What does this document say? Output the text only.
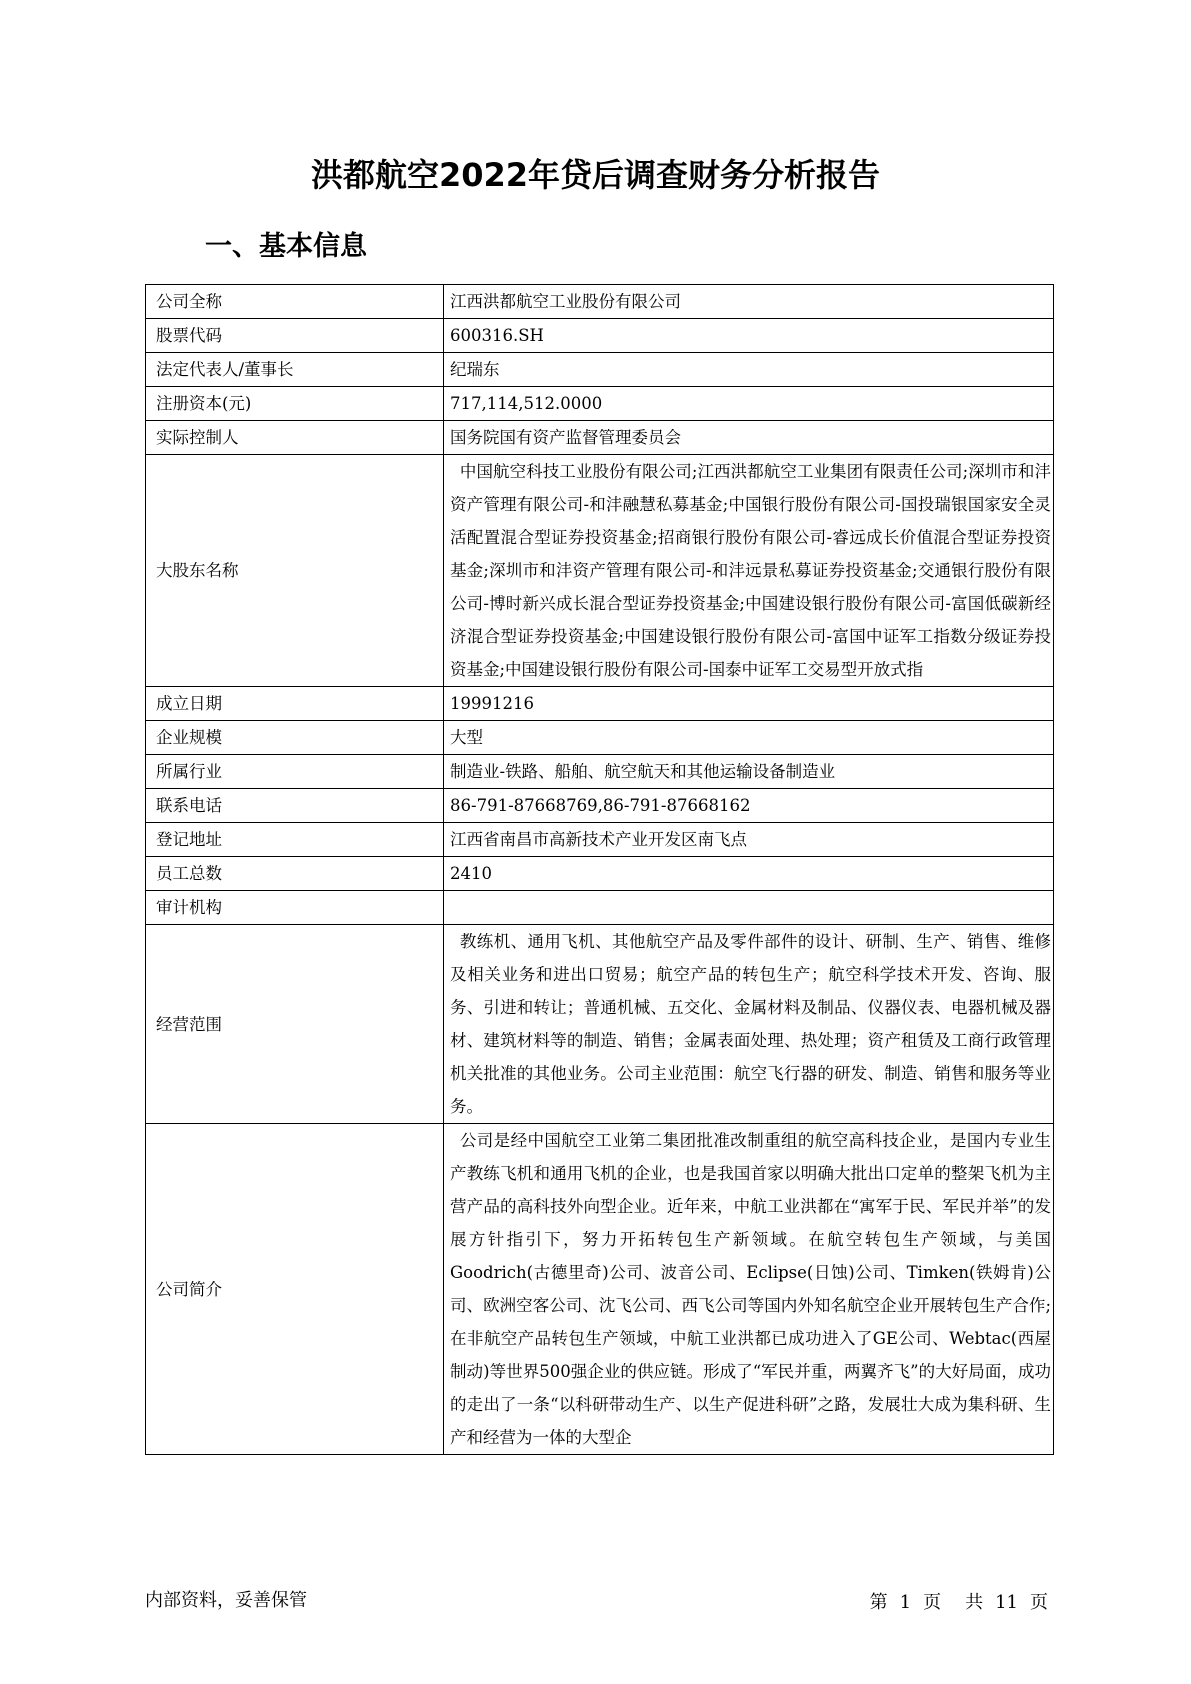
洪都航空2022年贷后调查财务分析报告
一、基本信息
公司全称	江西洪都航空工业股份有限公司
股票代码	600316.SH
法定代表人/董事长	纪瑞东
注册资本(元)	717,114,512.0000
实际控制人	国务院国有资产监督管理委员会
大股东名称	中国航空科技工业股份有限公司;江西洪都航空工业集团有限责任公司;深圳市和沣资产管理有限公司-和沣融慧私募基金;中国银行股份有限公司-国投瑞银国家安全灵活配置混合型证券投资基金;招商银行股份有限公司-睿远成长价值混合型证券投资基金;深圳市和沣资产管理有限公司-和沣远景私募证券投资基金;交通银行股份有限公司-博时新兴成长混合型证券投资基金;中国建设银行股份有限公司-富国低碳新经济混合型证券投资基金;中国建设银行股份有限公司-富国中证军工指数分级证券投资基金;中国建设银行股份有限公司-国泰中证军工交易型开放式指
成立日期	19991216
企业规模	大型
所属行业	制造业-铁路、船舶、航空航天和其他运输设备制造业
联系电话	86-791-87668769,86-791-87668162
登记地址	江西省南昌市高新技术产业开发区南飞点
员工总数	2410
审计机构	
经营范围	教练机、通用飞机、其他航空产品及零件部件的设计、研制、生产、销售、维修及相关业务和进出口贸易；航空产品的转包生产；航空科学技术开发、咨询、服务、引进和转让；普通机械、五交化、金属材料及制品、仪器仪表、电器机械及器材、建筑材料等的制造、销售；金属表面处理、热处理；资产租赁及工商行政管理机关批准的其他业务。公司主业范围：航空飞行器的研发、制造、销售和服务等业务。
公司简介	公司是经中国航空工业第二集团批准改制重组的航空高科技企业，是国内专业生产教练飞机和通用飞机的企业，也是我国首家以明确大批出口定单的整架飞机为主营产品的高科技外向型企业。近年来，中航工业洪都在“寓军于民、军民并举”的发展方针指引下，努力开拓转包生产新领域。在航空转包生产领域，与美国Goodrich(古德里奇)公司、波音公司、Eclipse(日蚀)公司、Timken(铁姆肯)公司、欧洲空客公司、沈飞公司、西飞公司等国内外知名航空企业开展转包生产合作;在非航空产品转包生产领域，中航工业洪都已成功进入了GE公司、Webtac(西屋制动)等世界500强企业的供应链。形成了“军民并重，两翼齐飞”的大好局面，成功的走出了一条“以科研带动生产、以生产促进科研”之路，发展壮大成为集科研、生产和经营为一体的大型企
内部资料，妥善保管	第 1 页 共 11 页
